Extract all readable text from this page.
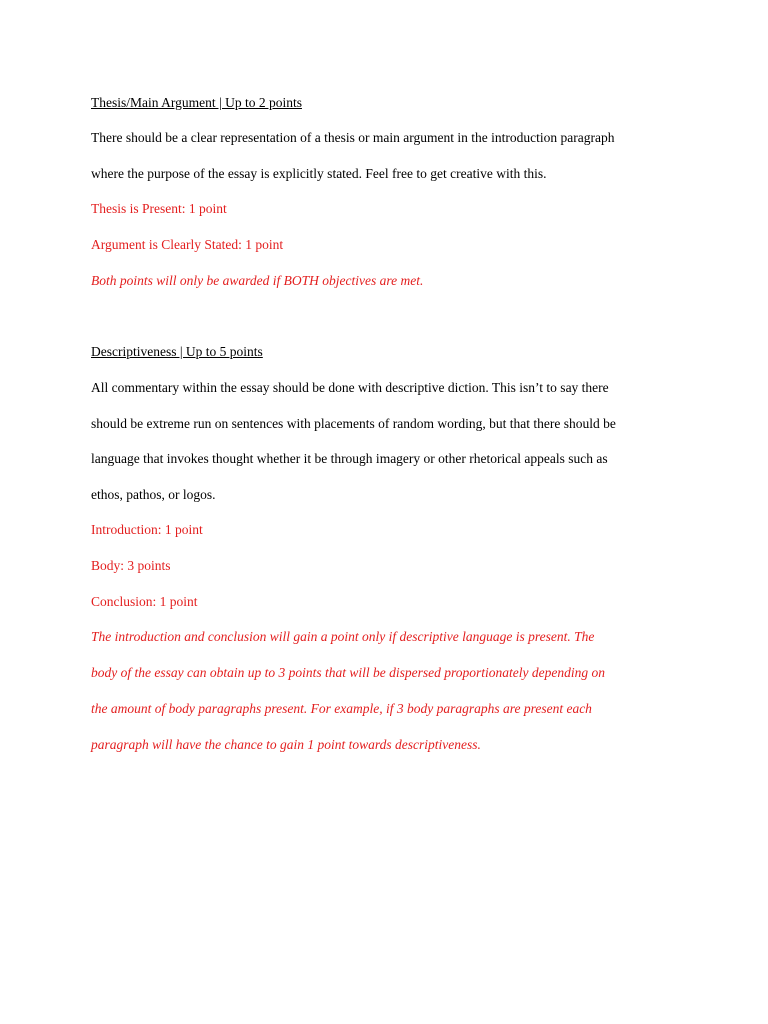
Thesis/Main Argument | Up to 2 points
There should be a clear representation of a thesis or main argument in the introduction paragraph
where the purpose of the essay is explicitly stated. Feel free to get creative with this.
Thesis is Present: 1 point
Argument is Clearly Stated: 1 point
Both points will only be awarded if BOTH objectives are met.
Descriptiveness | Up to 5 points
All commentary within the essay should be done with descriptive diction. This isn’t to say there
should be extreme run on sentences with placements of random wording, but that there should be
language that invokes thought whether it be through imagery or other rhetorical appeals such as
ethos, pathos, or logos.
Introduction: 1 point
Body: 3 points
Conclusion: 1 point
The introduction and conclusion will gain a point only if descriptive language is present. The
body of the essay can obtain up to 3 points that will be dispersed proportionately depending on
the amount of body paragraphs present. For example, if 3 body paragraphs are present each
paragraph will have the chance to gain 1 point towards descriptiveness.
